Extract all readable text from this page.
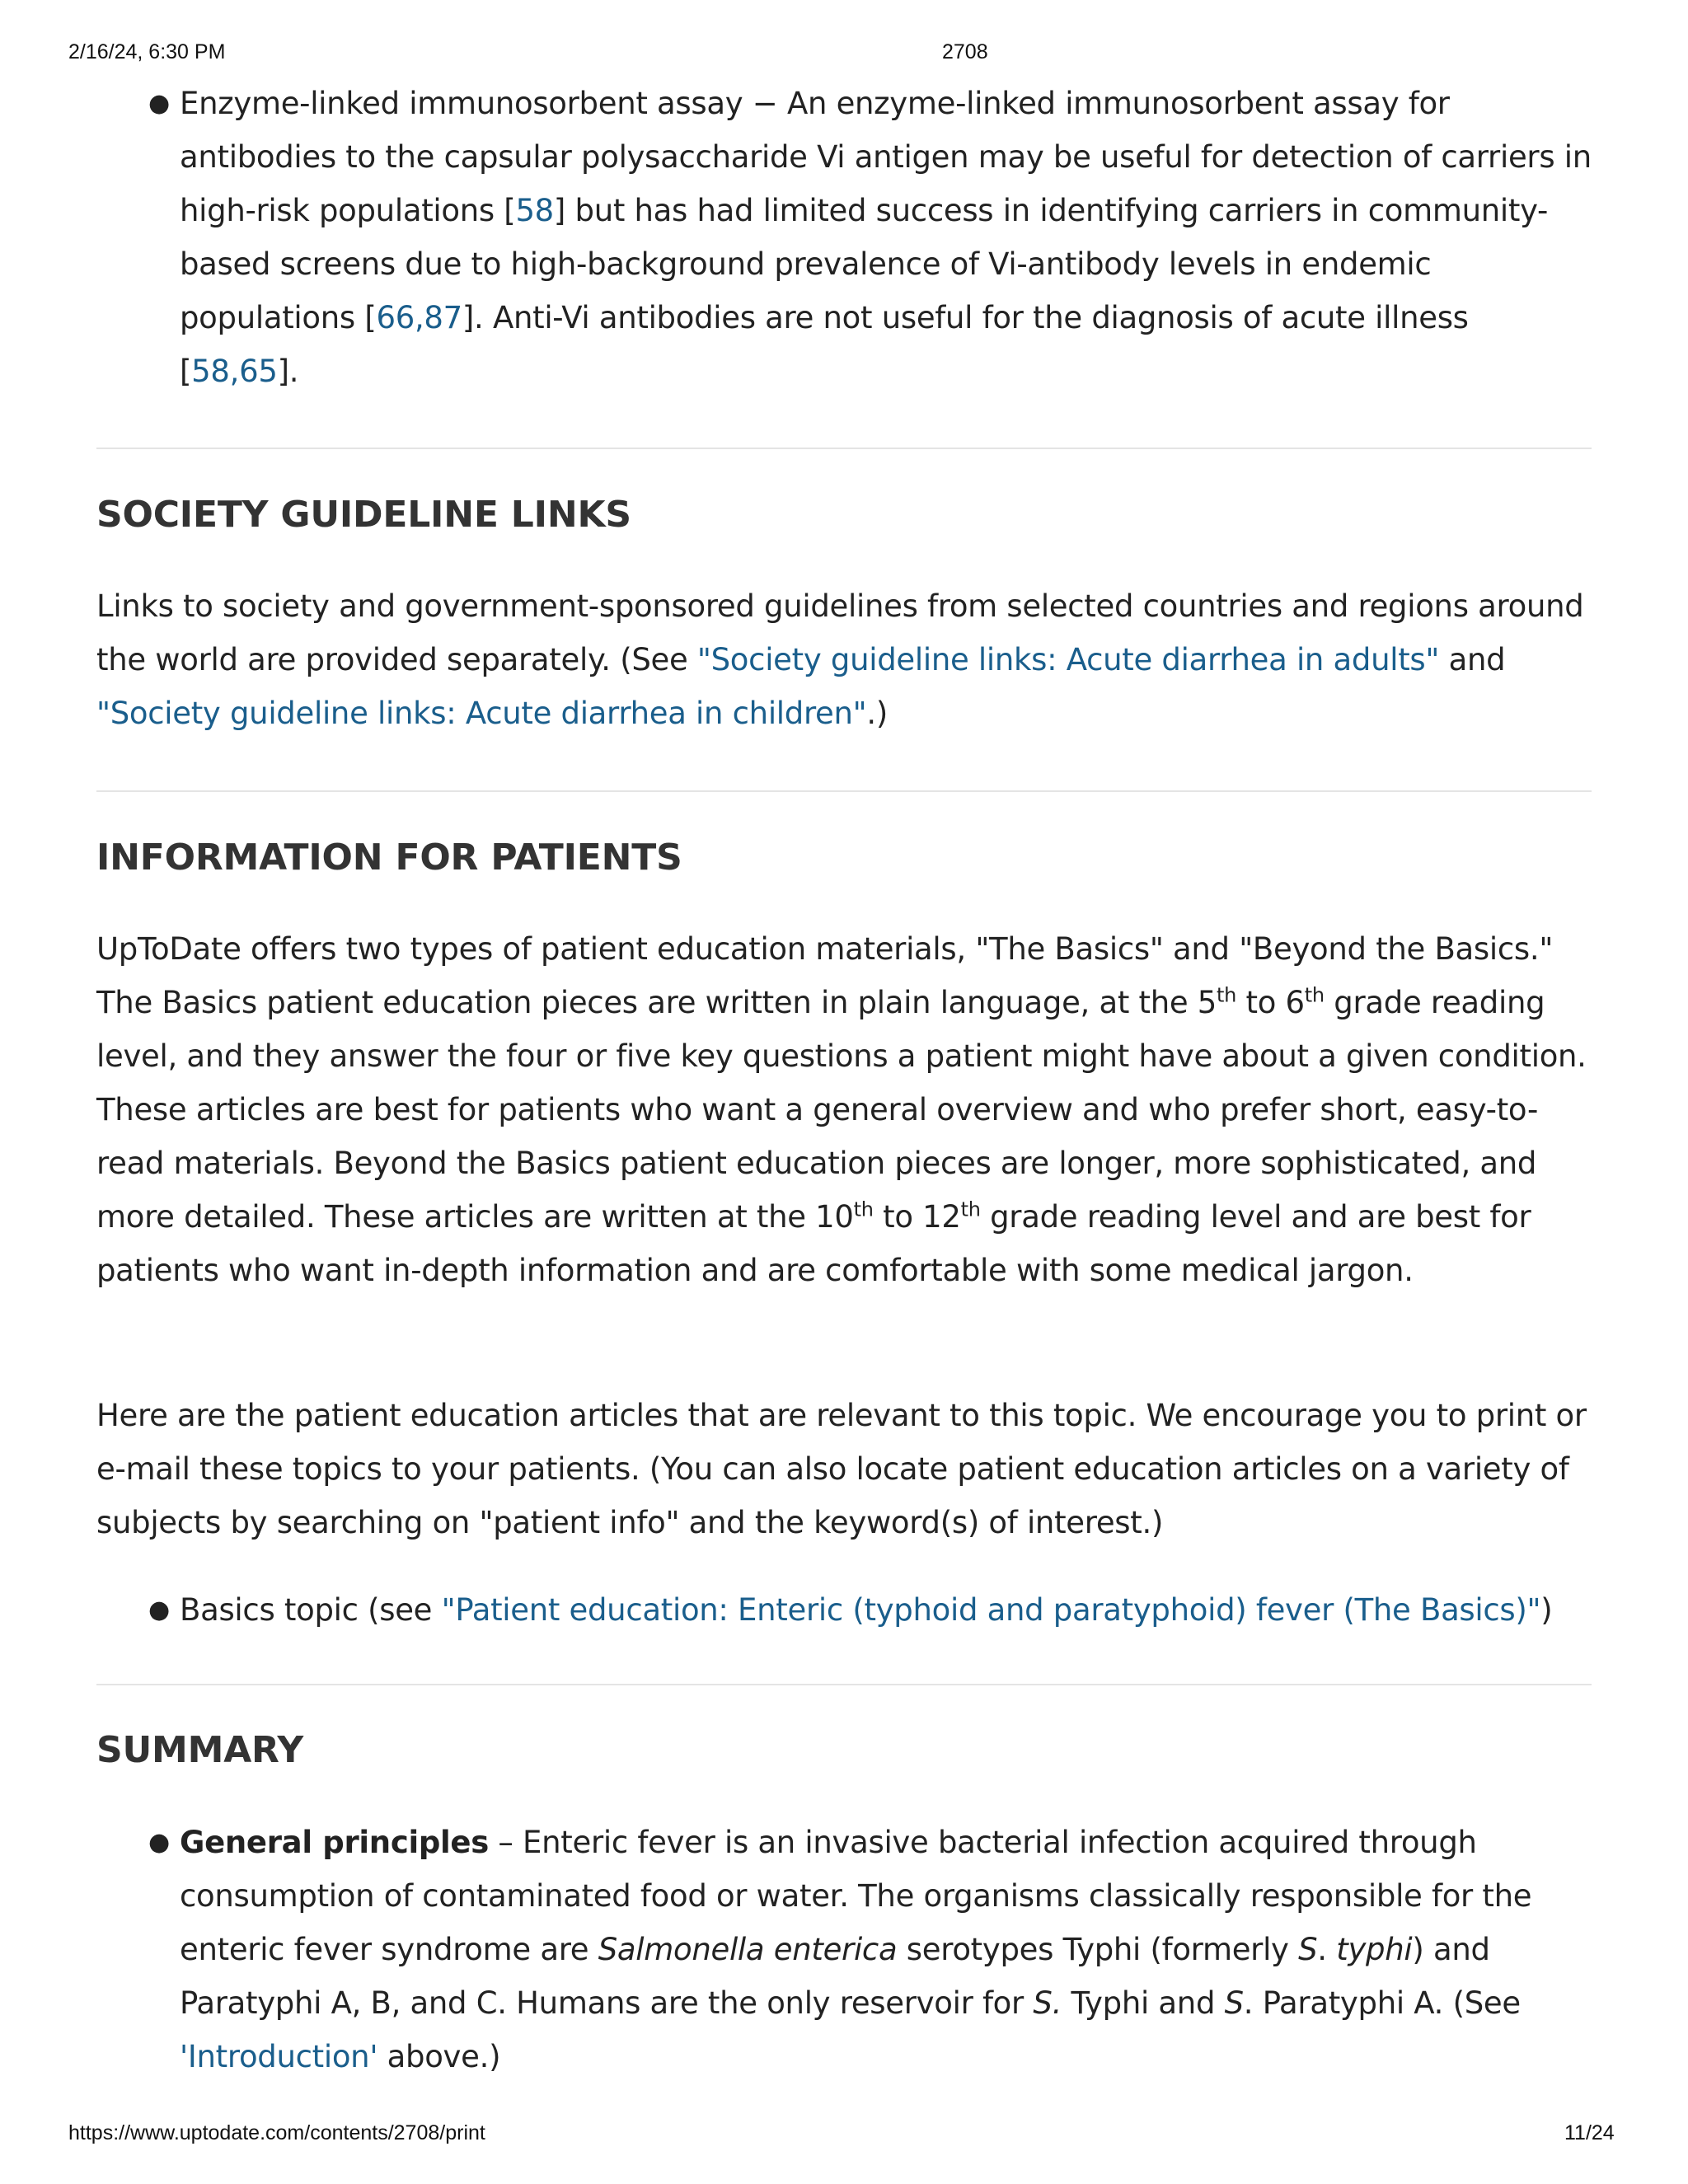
2/16/24, 6:30 PM	2708
● Enzyme-linked immunosorbent assay − An enzyme-linked immunosorbent assay for antibodies to the capsular polysaccharide Vi antigen may be useful for detection of carriers in high-risk populations [58] but has had limited success in identifying carriers in community-based screens due to high-background prevalence of Vi-antibody levels in endemic populations [66,87]. Anti-Vi antibodies are not useful for the diagnosis of acute illness [58,65].
SOCIETY GUIDELINE LINKS

Links to society and government-sponsored guidelines from selected countries and regions around the world are provided separately. (See "Society guideline links: Acute diarrhea in adults" and "Society guideline links: Acute diarrhea in children".)

INFORMATION FOR PATIENTS

UpToDate offers two types of patient education materials, "The Basics" and "Beyond the Basics." The Basics patient education pieces are written in plain language, at the 5th to 6th grade reading level, and they answer the four or five key questions a patient might have about a given condition. These articles are best for patients who want a general overview and who prefer short, easy-to-read materials. Beyond the Basics patient education pieces are longer, more sophisticated, and more detailed. These articles are written at the 10th to 12th grade reading level and are best for patients who want in-depth information and are comfortable with some medical jargon.

Here are the patient education articles that are relevant to this topic. We encourage you to print or e-mail these topics to your patients. (You can also locate patient education articles on a variety of subjects by searching on "patient info" and the keyword(s) of interest.)

● Basics topic (see "Patient education: Enteric (typhoid and paratyphoid) fever (The Basics)")
SUMMARY
● General principles – Enteric fever is an invasive bacterial infection acquired through consumption of contaminated food or water. The organisms classically responsible for the enteric fever syndrome are Salmonella enterica serotypes Typhi (formerly S. typhi) and Paratyphi A, B, and C. Humans are the only reservoir for S. Typhi and S. Paratyphi A. (See 'Introduction' above.)
https://www.uptodate.com/contents/2708/print	11/24
